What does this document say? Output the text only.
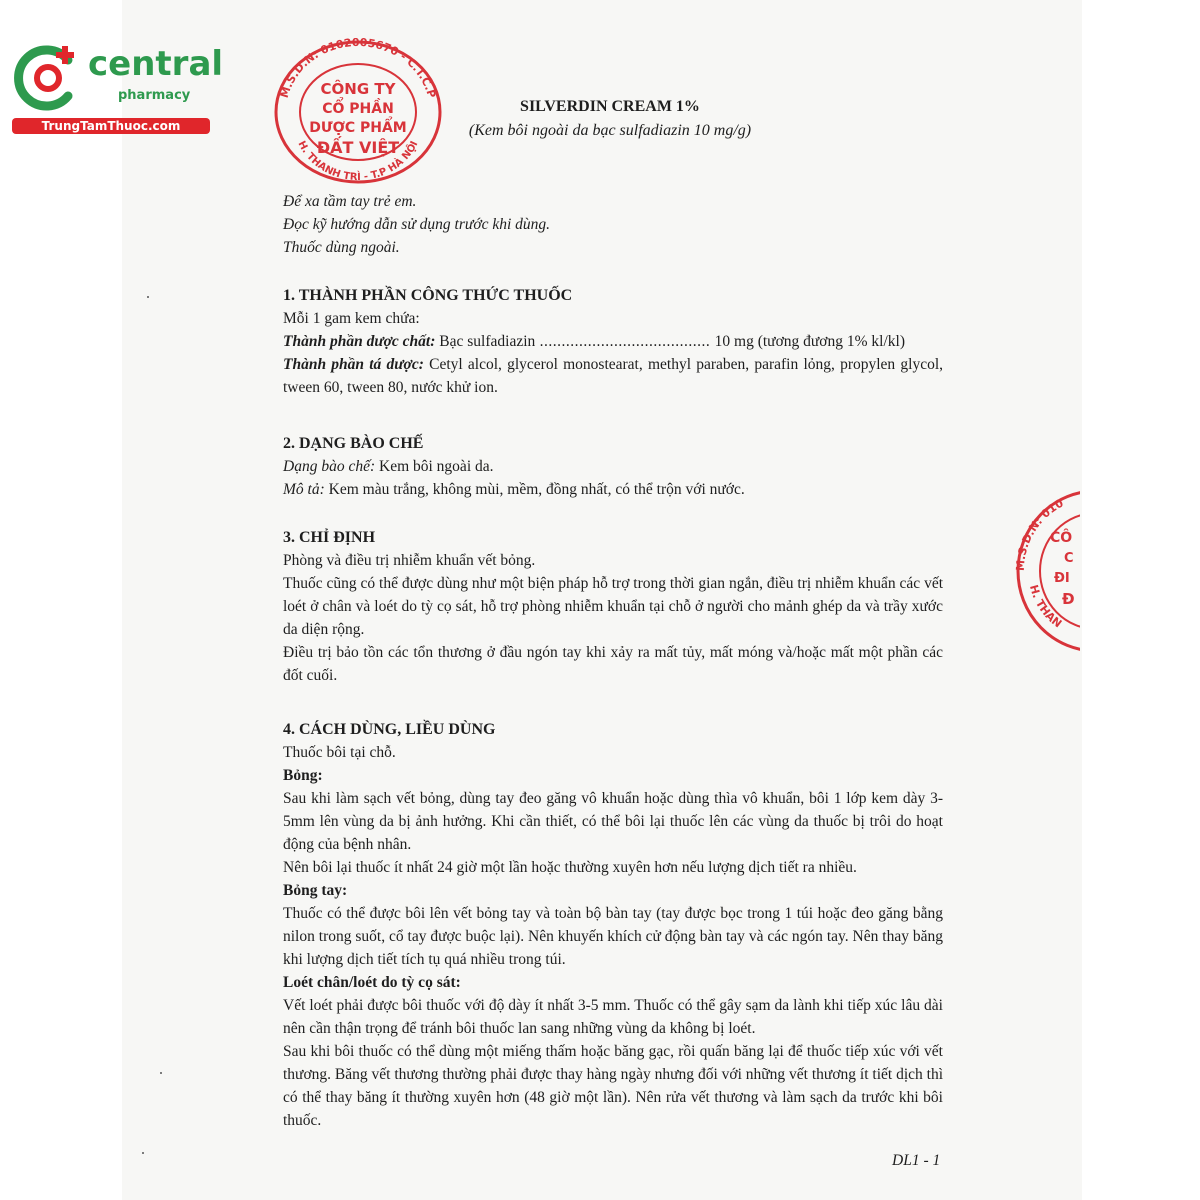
central
pharmacy
TrungTamThuoc.com
M.S.D.N: 0102005670 - C.T.C.P
H. THANH TRÌ - T.P HÀ NỘI
CÔNG TY
CỔ PHẦN
DƯỢC PHẨM
ĐẤT VIỆT
M.S.D.N: 010
H. THAN
CÔ
C
ĐI
Đ
SILVERDIN CREAM 1%
(Kem bôi ngoài da bạc sulfadiazin 10 mg/g)
Để xa tầm tay trẻ em.
Đọc kỹ hướng dẫn sử dụng trước khi dùng.
Thuốc dùng ngoài.

1. THÀNH PHẦN CÔNG THỨC THUỐC

Mỗi 1 gam kem chứa:

Thành phần dược chất: Bạc sulfadiazin ....................................... 10 mg (tương đương 1% kl/kl)

Thành phần tá dược: Cetyl alcol, glycerol monostearat, methyl paraben, parafin lỏng, propylen glycol, tween 60, tween 80, nước khử ion.

2. DẠNG BÀO CHẾ

Dạng bào chế: Kem bôi ngoài da.

Mô tả: Kem màu trắng, không mùi, mềm, đồng nhất, có thể trộn với nước.

3. CHỈ ĐỊNH

Phòng và điều trị nhiễm khuẩn vết bỏng.

Thuốc cũng có thể được dùng như một biện pháp hỗ trợ trong thời gian ngắn, điều trị nhiễm khuẩn các vết loét ở chân và loét do tỳ cọ sát, hỗ trợ phòng nhiễm khuẩn tại chỗ ở người cho mảnh ghép da và trầy xước da diện rộng.

Điều trị bảo tồn các tổn thương ở đầu ngón tay khi xảy ra mất tủy, mất móng và/hoặc mất một phần các đốt cuối.

4. CÁCH DÙNG, LIỀU DÙNG

Thuốc bôi tại chỗ.

Bỏng:

Sau khi làm sạch vết bỏng, dùng tay đeo găng vô khuẩn hoặc dùng thìa vô khuẩn, bôi 1 lớp kem dày 3-5mm lên vùng da bị ảnh hưởng. Khi cần thiết, có thể bôi lại thuốc lên các vùng da thuốc bị trôi do hoạt động của bệnh nhân.

Nên bôi lại thuốc ít nhất 24 giờ một lần hoặc thường xuyên hơn nếu lượng dịch tiết ra nhiều.

Bỏng tay:

Thuốc có thể được bôi lên vết bỏng tay và toàn bộ bàn tay (tay được bọc trong 1 túi hoặc đeo găng bằng nilon trong suốt, cổ tay được buộc lại). Nên khuyến khích cử động bàn tay và các ngón tay. Nên thay băng khi lượng dịch tiết tích tụ quá nhiều trong túi.

Loét chân/loét do tỳ cọ sát:

Vết loét phải được bôi thuốc với độ dày ít nhất 3-5 mm. Thuốc có thể gây sạm da lành khi tiếp xúc lâu dài nên cần thận trọng để tránh bôi thuốc lan sang những vùng da không bị loét.

Sau khi bôi thuốc có thể dùng một miếng thấm hoặc băng gạc, rồi quấn băng lại để thuốc tiếp xúc với vết thương. Băng vết thương thường phải được thay hàng ngày nhưng đối với những vết thương ít tiết dịch thì có thể thay băng ít thường xuyên hơn (48 giờ một lần). Nên rửa vết thương và làm sạch da trước khi bôi thuốc.

DL1 - 1
